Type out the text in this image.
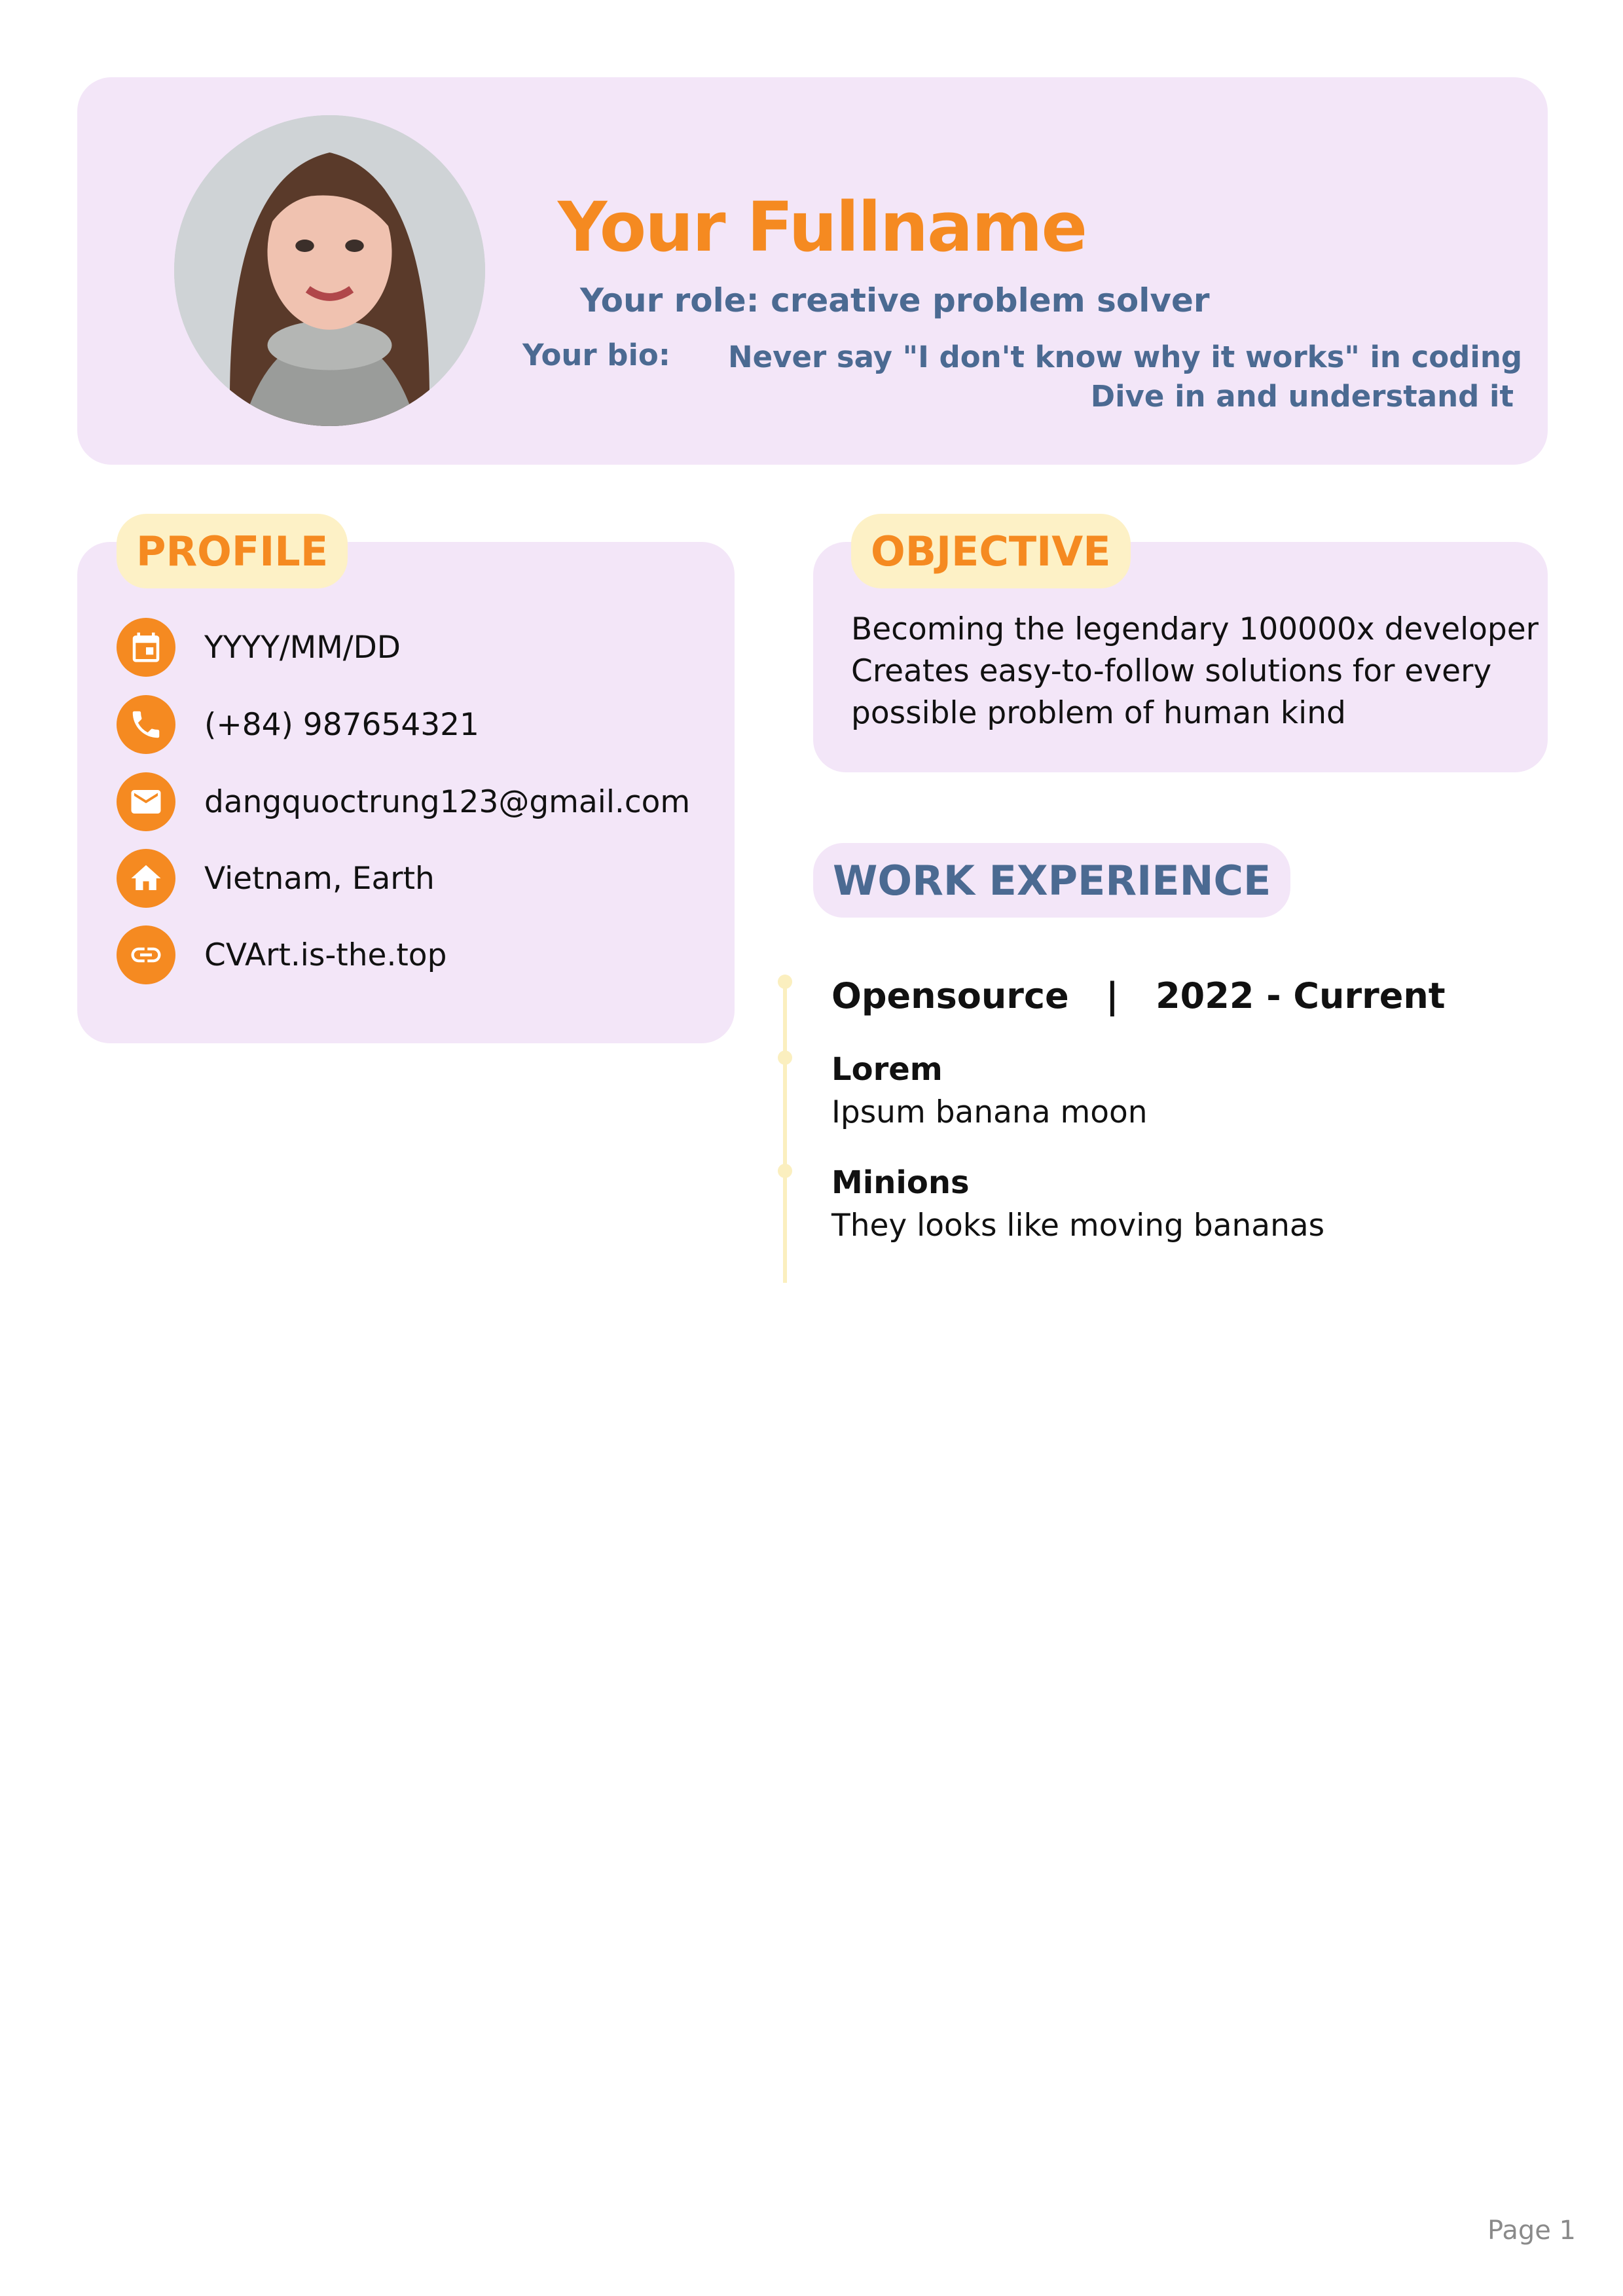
Your Fullname
Your role: creative problem solver
Your bio: Never say "I don't know why it works" in coding
Dive in and understand it
PROFILE
YYYY/MM/DD
(+84) 987654321
dangquoctrung123@gmail.com
Vietnam, Earth
CVArt.is-the.top
OBJECTIVE
Becoming the legendary 100000x developer
Creates easy-to-follow solutions for every
possible problem of human kind
WORK EXPERIENCE
Opensource   |   2022 - Current
Lorem
Ipsum banana moon
Minions
They looks like moving bananas
Page 1
